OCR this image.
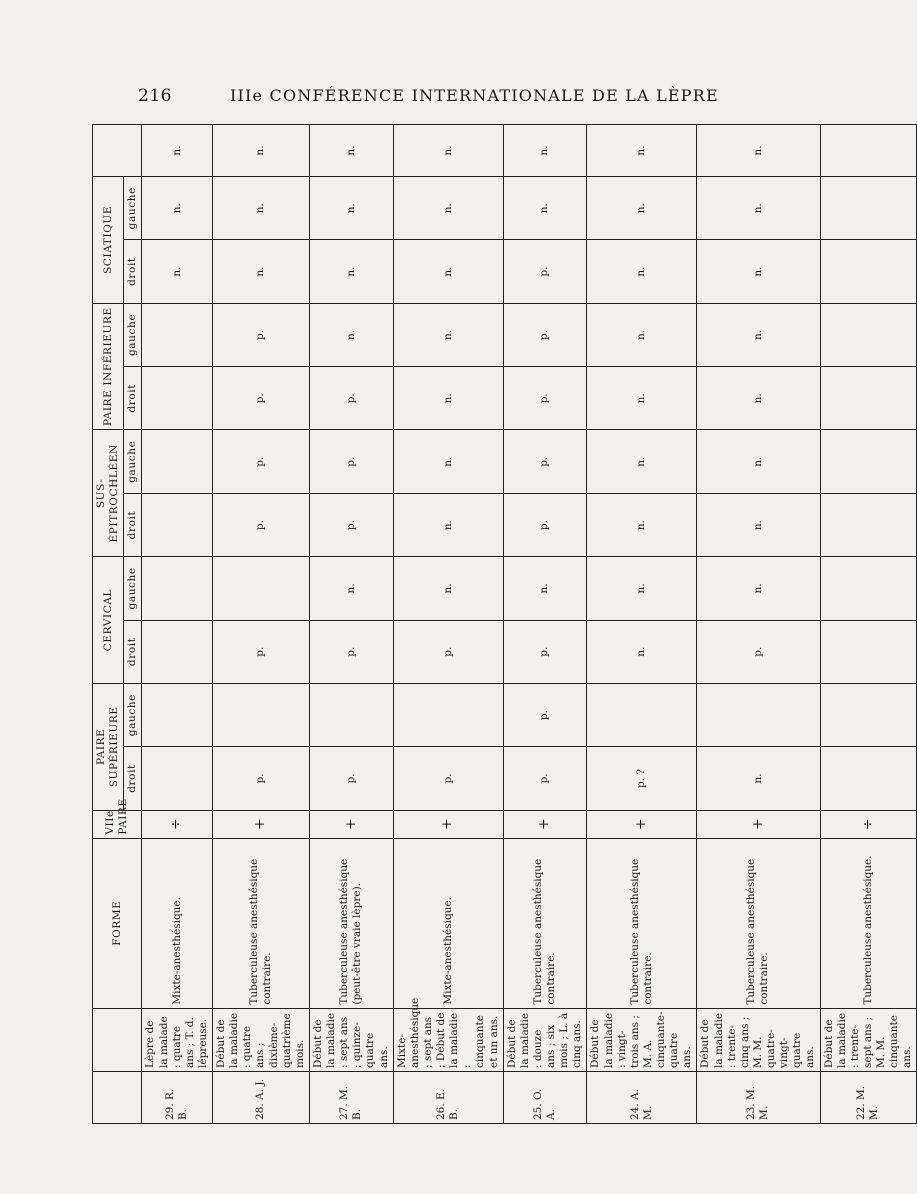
216	IIIe CONFÉRENCE INTERNATIONALE DE LA LÈPRE
		FORME	VIIe PAIRE	PAIRE SUPÉRIEURE		CERVICAL		SUS-ÉPITROCHLÉEN		PAIRE INFÉRIEURE		SCIATIQUE		
				droit	gauche	droit	gauche	droit	gauche	droit	gauche	droit	gauche	
29. R. B.	Lèpre de la malade : quatre ans ; T. d. lépreuse.	Mixte-anesthésique.	÷									n.	n.	n.
28. A. J.	Début de la maladie : quatre ans ; dixième-quatrième mois.	Tuberculeuse anesthésique contraire.	+	p.		p.		p.	p.	p.	p.	n.	n.	n.
27. M. B.	Début de la maladie : sept ans ; quinze-quatre ans.	Tuberculeuse anesthésique (peut-être vraie lèpre).	+	p.		p.	n.	p.	p.	p.	n.	n.	n.	n.
26. E. B.	Mixte-anesthésique ; sept ans ; Début de la maladie : cinquante et un ans.	Mixte-anesthésique.	+	p.		p.	n.	n.	n.	n.	n.	n.	n.	n.
25. O. A.	Début de la maladie : douze ans ; six mois ; L. à cinq ans.	Tuberculeuse anesthésique contraire.	+	p.	p.	p.	n.	p.	p.	p.	p.	p.	n.	n.
24. A. M.	Début de la maladie : vingt-trois ans ; M. A. cinquante-quatre ans.	Tuberculeuse anesthésique contraire.	+	p. ?		n.	n.	n.	n.	n.	n.	n.	n.	n.
23. M. M.	Début de la maladie : trente-cinq ans ; M. M. quatre-vingt-quatre ans.	Tuberculeuse anesthésique contraire.	+	n.		p.	n.	n.	n.	n.	n.	n.	n.	n.
22. M. M.	Début de la maladie : trente-sept ans ; M. M. cinquante ans.	Tuberculeuse anesthésique.	÷											
